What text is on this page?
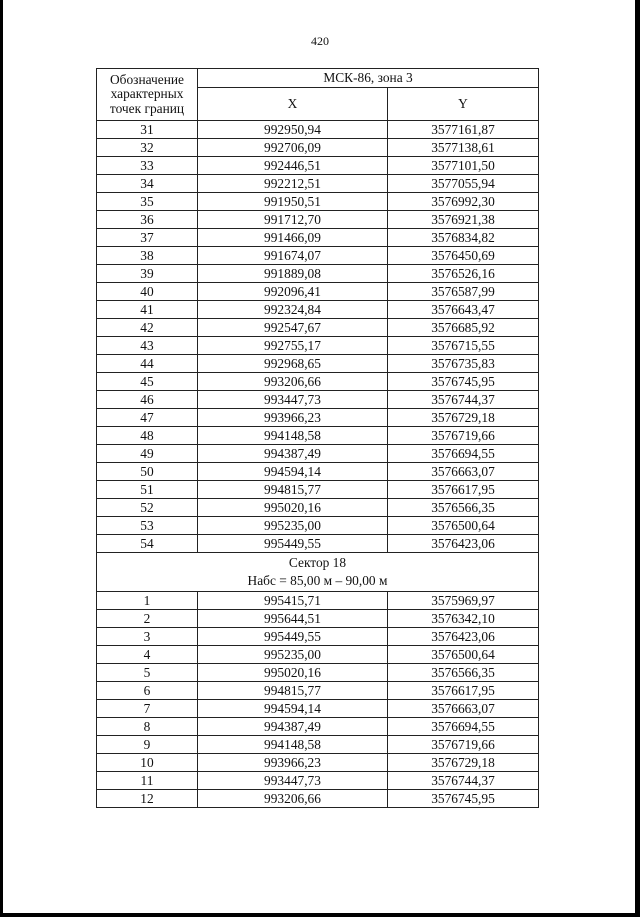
420
Обозначение
характерных
точек границ	МСК-86, зона 3	
	X	Y
31	992950,94	3577161,87
32	992706,09	3577138,61
33	992446,51	3577101,50
34	992212,51	3577055,94
35	991950,51	3576992,30
36	991712,70	3576921,38
37	991466,09	3576834,82
38	991674,07	3576450,69
39	991889,08	3576526,16
40	992096,41	3576587,99
41	992324,84	3576643,47
42	992547,67	3576685,92
43	992755,17	3576715,55
44	992968,65	3576735,83
45	993206,66	3576745,95
46	993447,73	3576744,37
47	993966,23	3576729,18
48	994148,58	3576719,66
49	994387,49	3576694,55
50	994594,14	3576663,07
51	994815,77	3576617,95
52	995020,16	3576566,35
53	995235,00	3576500,64
54	995449,55	3576423,06

Сектор 18
Набс = 85,00 м – 90,00 м		

1	995415,71	3575969,97
2	995644,51	3576342,10
3	995449,55	3576423,06
4	995235,00	3576500,64
5	995020,16	3576566,35
6	994815,77	3576617,95
7	994594,14	3576663,07
8	994387,49	3576694,55
9	994148,58	3576719,66
10	993966,23	3576729,18
11	993447,73	3576744,37
12	993206,66	3576745,95
